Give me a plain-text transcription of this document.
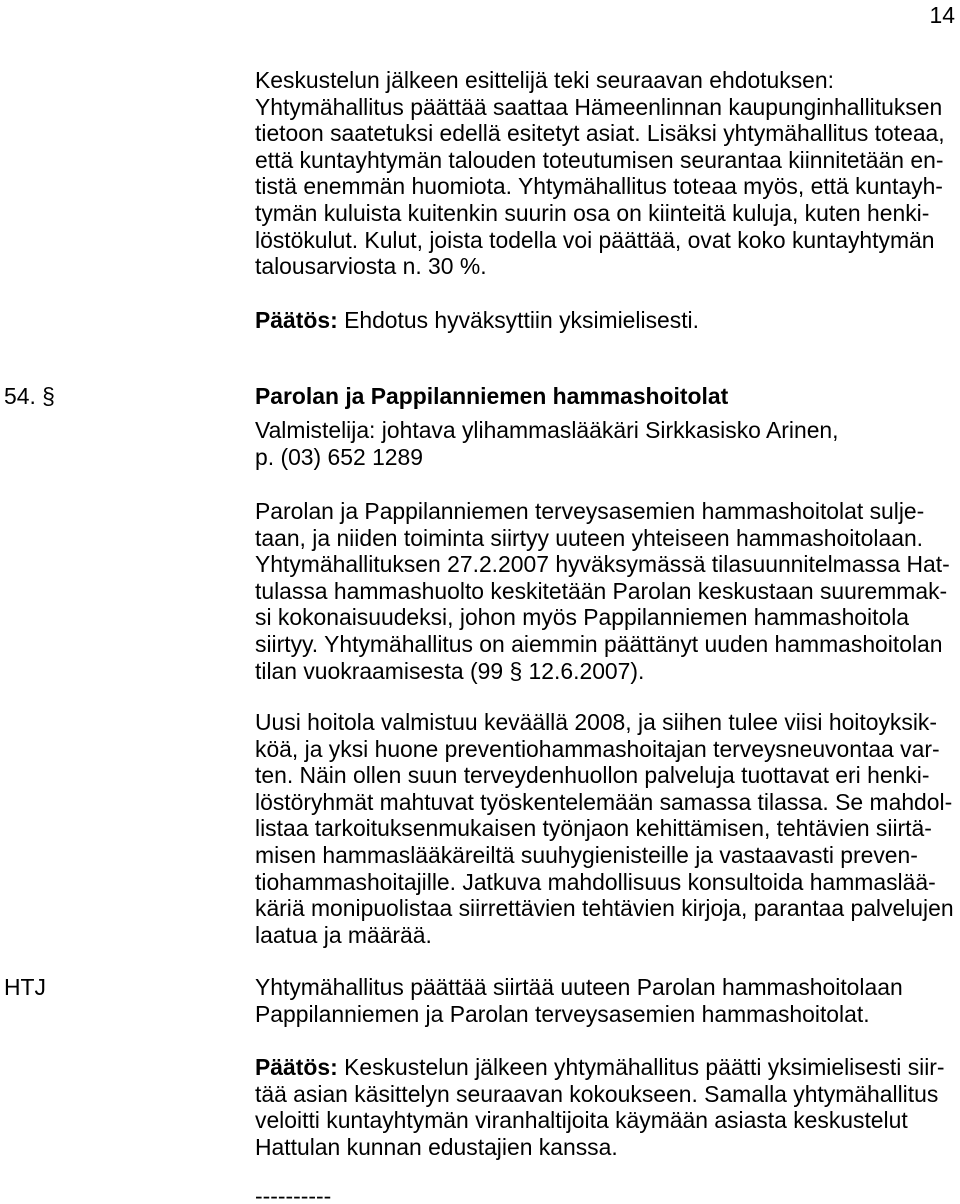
14
Keskustelun jälkeen esittelijä teki seuraavan ehdotuksen:
Yhtymähallitus päättää saattaa Hämeenlinnan kaupunginhallituksen
tietoon saatetuksi edellä esitetyt asiat. Lisäksi yhtymähallitus toteaa,
että kuntayhtymän talouden toteutumisen seurantaa kiinnitetään en-
tistä enemmän huomiota. Yhtymähallitus toteaa myös, että kuntayh-
tymän kuluista kuitenkin suurin osa on kiinteitä kuluja, kuten henki-
löstökulut. Kulut, joista todella voi päättää, ovat koko kuntayhtymän
talousarviosta n. 30 %.
Päätös: Ehdotus hyväksyttiin yksimielisesti.
54. §	Parolan ja Pappilanniemen hammashoitolat
Valmistelija: johtava ylihammaslääkäri Sirkkasisko Arinen,
p. (03) 652 1289
Parolan ja Pappilanniemen terveysasemien hammashoitolat sulje-
taan, ja niiden toiminta siirtyy uuteen yhteiseen hammashoitolaan.
Yhtymähallituksen 27.2.2007 hyväksymässä tilasuunnitelmassa Hat-
tulassa hammashuolto keskitetään Parolan keskustaan suuremmak-
si kokonaisuudeksi, johon myös Pappilanniemen hammashoitola
siirtyy. Yhtymähallitus on aiemmin päättänyt uuden hammashoitolan
tilan vuokraamisesta (99 § 12.6.2007).
Uusi hoitola valmistuu keväällä 2008, ja siihen tulee viisi hoitoyksik-
köä, ja yksi huone preventiohammashoitajan terveysneuvontaa var-
ten. Näin ollen suun terveydenhuollon palveluja tuottavat eri henki-
löstöryhmät mahtuvat työskentelemään samassa tilassa. Se mahdol-
listaa tarkoituksenmukaisen työnjaon kehittämisen, tehtävien siirtä-
misen hammaslääkäreiltä suuhygienisteille ja vastaavasti preven-
tiohammashoitajille. Jatkuva mahdollisuus konsultoida hammaslää-
käriä monipuolistaa siirrettävien tehtävien kirjoja, parantaa palvelujen
laatua ja määrää.
HTJ	Yhtymähallitus päättää siirtää uuteen Parolan hammashoitolaan
Pappilanniemen ja Parolan terveysasemien hammashoitolat.
Päätös: Keskustelun jälkeen yhtymähallitus päätti yksimielisesti siir-
tää asian käsittelyn seuraavan kokoukseen. Samalla yhtymähallitus
veloitti kuntayhtymän viranhaltijoita käymään asiasta keskustelut
Hattulan kunnan edustajien kanssa.
----------
